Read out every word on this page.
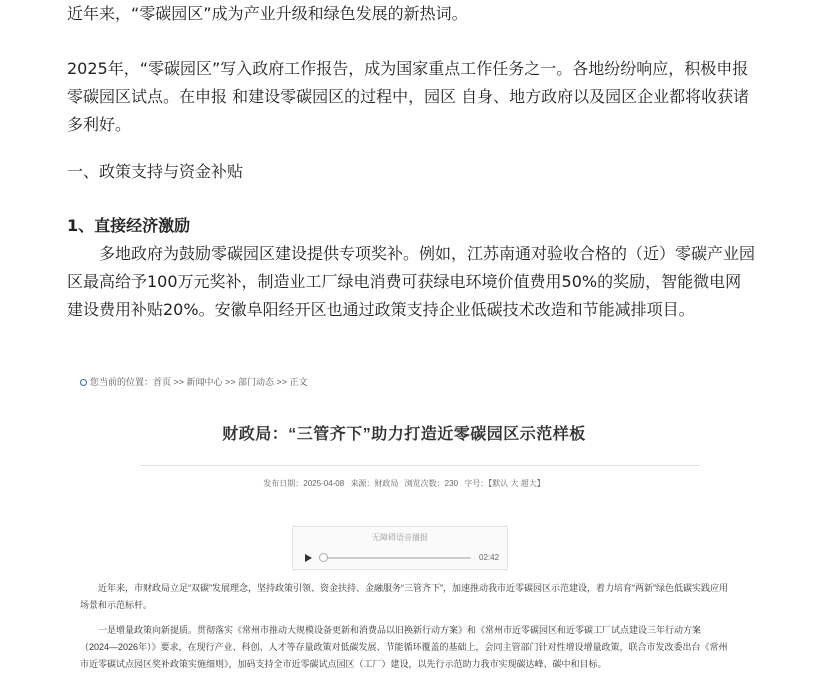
近年来，“零碳园区”成为产业升级和绿色发展的新热词。

2025年，“零碳园区”写入政府工作报告，成为国家重点工作任务之一。各地纷纷响应，积极申报零碳园区试点。在申报 和建设零碳园区的过程中，园区 自身、地方政府以及园区企业都将收获诸多利好。

一、政策支持与资金补贴

1、直接经济激励

多地政府为鼓励零碳园区建设提供专项奖补。例如，江苏南通对验收合格的（近）零碳产业园区最高给予100万元奖补，制造业工厂绿电消费可获绿电环境价值费用50%的奖励，智能微电网建设费用补贴20%。安徽阜阳经开区也通过政策支持企业低碳技术改造和节能减排项目。

您当前的位置：首页 >> 新闻中心 >> 部门动态 >> 正文
财政局：“三管齐下”助力打造近零碳园区示范样板
发布日期：2025-04-08 来源：财政局 浏览次数：230 字号：【默认 大 超大】
无障碍语音播报
02:42

近年来，市财政局立足“双碳”发展理念，坚持政策引领、资金扶持、金融服务“三管齐下”，加速推动我市近零碳园区示范建设，着力培育“两新”绿色低碳实践应用场景和示范标杆。

一是增量政策向新提质。贯彻落实《常州市推动大规模设备更新和消费品以旧换新行动方案》和《常州市近零碳园区和近零碳工厂试点建设三年行动方案（2024—2026年）》要求，在现行产业、科创、人才等存量政策对低碳发展、节能循环覆盖的基础上，会同主管部门针对性增设增量政策，联合市发改委出台《常州市近零碳试点园区奖补政策实施细则》，加码支持全市近零碳试点园区（工厂）建设，以先行示范助力我市实现碳达峰、碳中和目标。
